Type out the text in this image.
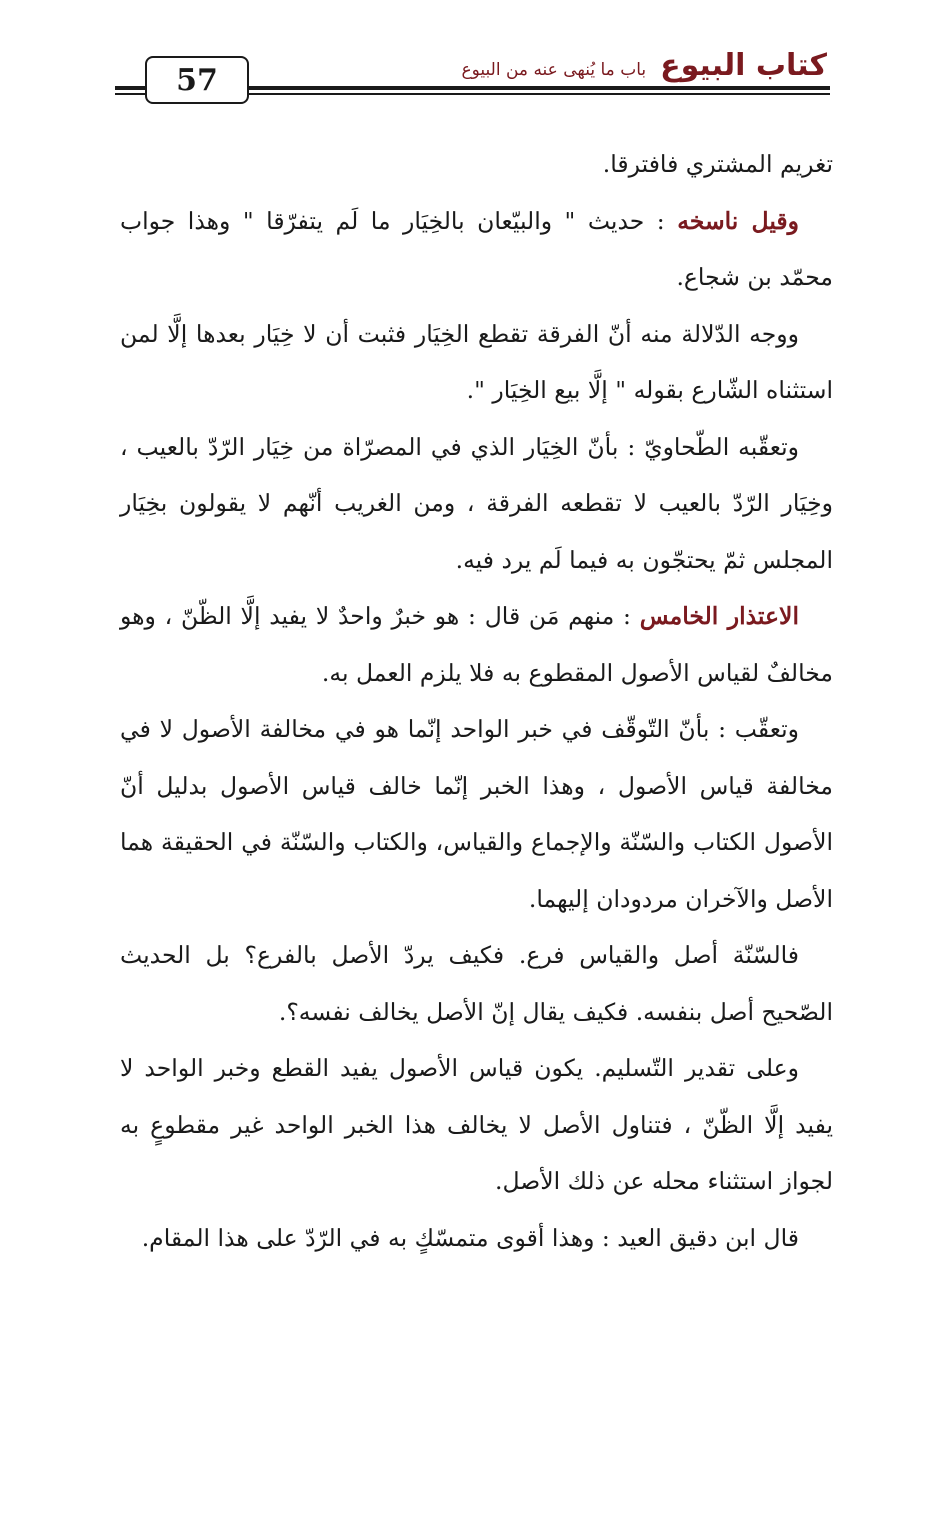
57	كتاب البيوع
باب ما يُنهى عنه من البيوع

تغريم المشتري فافترقا.

وقيل ناسخه : حديث " والبيّعان بالخِيَار ما لَم يتفرّقا " وهذا جواب محمّد بن شجاع.

ووجه الدّلالة منه أنّ الفرقة تقطع الخِيَار فثبت أن لا خِيَار بعدها إلَّا لمن استثناه الشّارع بقوله " إلَّا بيع الخِيَار ".

وتعقّبه الطّحاويّ : بأنّ الخِيَار الذي في المصرّاة من خِيَار الرّدّ بالعيب ، وخِيَار الرّدّ بالعيب لا تقطعه الفرقة ، ومن الغريب أنّهم لا يقولون بخِيَار المجلس ثمّ يحتجّون به فيما لَم يرد فيه.

الاعتذار الخامس : منهم مَن قال : هو خبرٌ واحدٌ لا يفيد إلَّا الظّنّ ، وهو مخالفٌ لقياس الأصول المقطوع به فلا يلزم العمل به.

وتعقّب : بأنّ التّوقّف في خبر الواحد إنّما هو في مخالفة الأصول لا في مخالفة قياس الأصول ، وهذا الخبر إنّما خالف قياس الأصول بدليل أنّ الأصول الكتاب والسّنّة والإجماع والقياس، والكتاب والسّنّة في الحقيقة هما الأصل والآخران مردودان إليهما.

فالسّنّة أصل والقياس فرع. فكيف يردّ الأصل بالفرع؟ بل الحديث الصّحيح أصل بنفسه. فكيف يقال إنّ الأصل يخالف نفسه؟.

وعلى تقدير التّسليم. يكون قياس الأصول يفيد القطع وخبر الواحد لا يفيد إلَّا الظّنّ ، فتناول الأصل لا يخالف هذا الخبر الواحد غير مقطوعٍ به لجواز استثناء محله عن ذلك الأصل.

قال ابن دقيق العيد : وهذا أقوى متمسّكٍ به في الرّدّ على هذا المقام.
